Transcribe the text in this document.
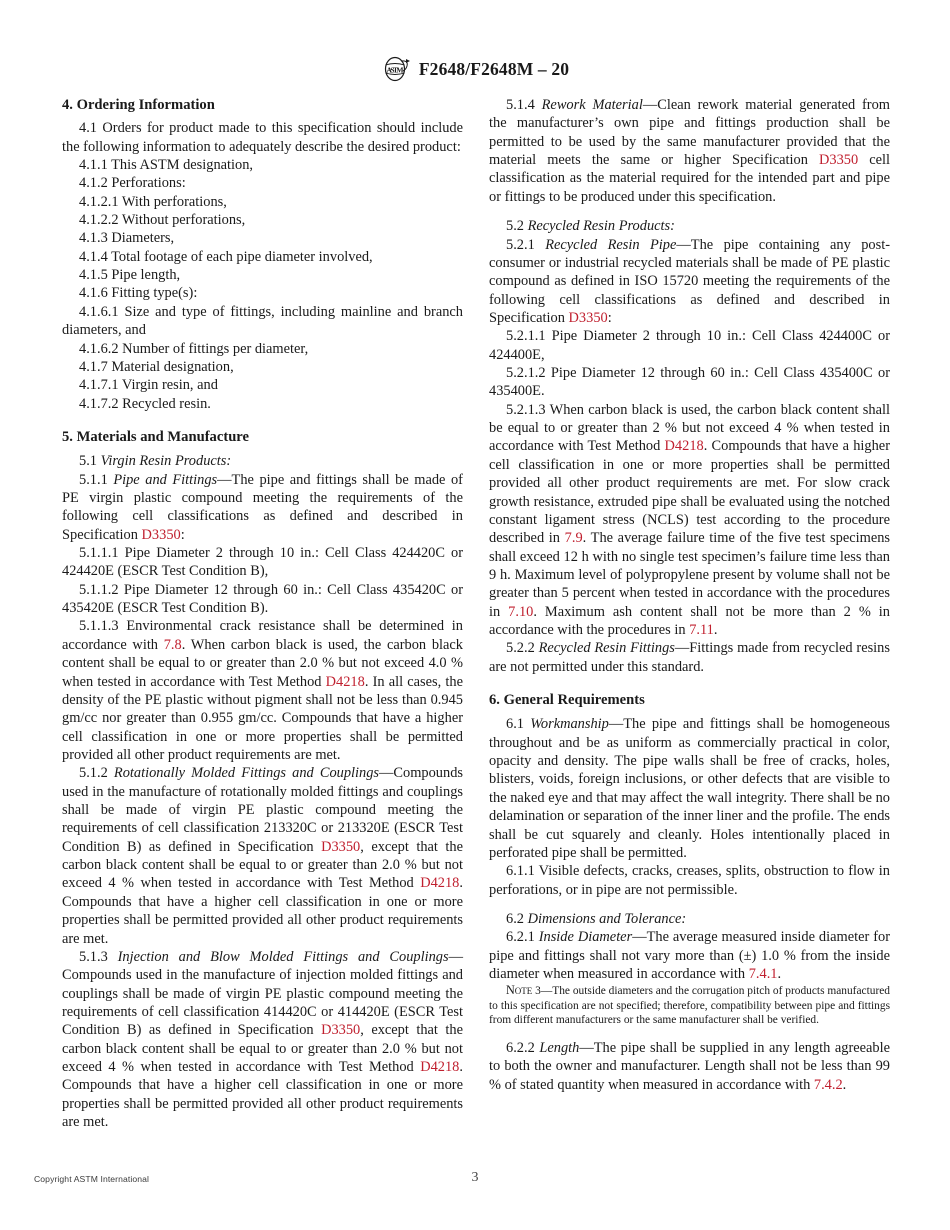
ASTM F2648/F2648M – 20
4. Ordering Information

4.1 Orders for product made to this specification should include the following information to adequately describe the desired product:

4.1.1 This ASTM designation,

4.1.2 Perforations:

4.1.2.1 With perforations,

4.1.2.2 Without perforations,

4.1.3 Diameters,

4.1.4 Total footage of each pipe diameter involved,

4.1.5 Pipe length,

4.1.6 Fitting type(s):

4.1.6.1 Size and type of fittings, including mainline and branch diameters, and

4.1.6.2 Number of fittings per diameter,

4.1.7 Material designation,

4.1.7.1 Virgin resin, and

4.1.7.2 Recycled resin.

5. Materials and Manufacture

5.1 Virgin Resin Products:

5.1.1 Pipe and Fittings—The pipe and fittings shall be made of PE virgin plastic compound meeting the requirements of the following cell classifications as defined and described in Specification D3350:

5.1.1.1 Pipe Diameter 2 through 10 in.: Cell Class 424420C or 424420E (ESCR Test Condition B),

5.1.1.2 Pipe Diameter 12 through 60 in.: Cell Class 435420C or 435420E (ESCR Test Condition B).

5.1.1.3 Environmental crack resistance shall be determined in accordance with 7.8. When carbon black is used, the carbon black content shall be equal to or greater than 2.0 % but not exceed 4.0 % when tested in accordance with Test Method D4218. In all cases, the density of the PE plastic without pigment shall not be less than 0.945 gm/cc nor greater than 0.955 gm/cc. Compounds that have a higher cell classification in one or more properties shall be permitted provided all other product requirements are met.

5.1.2 Rotationally Molded Fittings and Couplings—Compounds used in the manufacture of rotationally molded fittings and couplings shall be made of virgin PE plastic compound meeting the requirements of cell classification 213320C or 213320E (ESCR Test Condition B) as defined in Specification D3350, except that the carbon black content shall be equal to or greater than 2.0 % but not exceed 4 % when tested in accordance with Test Method D4218. Compounds that have a higher cell classification in one or more properties shall be permitted provided all other product requirements are met.

5.1.3 Injection and Blow Molded Fittings and Couplings—Compounds used in the manufacture of injection molded fittings and couplings shall be made of virgin PE plastic compound meeting the requirements of cell classification 414420C or 414420E (ESCR Test Condition B) as defined in Specification D3350, except that the carbon black content shall be equal to or greater than 2.0 % but not exceed 4 % when tested in accordance with Test Method D4218. Compounds that have a higher cell classification in one or more properties shall be permitted provided all other product requirements are met.

5.1.4 Rework Material—Clean rework material generated from the manufacturer’s own pipe and fittings production shall be permitted to be used by the same manufacturer provided that the material meets the same or higher Specification D3350 cell classification as the material required for the intended part and pipe or fittings to be produced under this specification.

5.2 Recycled Resin Products:

5.2.1 Recycled Resin Pipe—The pipe containing any post-consumer or industrial recycled materials shall be made of PE plastic compound as defined in ISO 15720 meeting the requirements of the following cell classifications as defined and described in Specification D3350:

5.2.1.1 Pipe Diameter 2 through 10 in.: Cell Class 424400C or 424400E,

5.2.1.2 Pipe Diameter 12 through 60 in.: Cell Class 435400C or 435400E.

5.2.1.3 When carbon black is used, the carbon black content shall be equal to or greater than 2 % but not exceed 4 % when tested in accordance with Test Method D4218. Compounds that have a higher cell classification in one or more properties shall be permitted provided all other product requirements are met. For slow crack growth resistance, extruded pipe shall be evaluated using the notched constant ligament stress (NCLS) test according to the procedure described in 7.9. The average failure time of the five test specimens shall exceed 12 h with no single test specimen’s failure time less than 9 h. Maximum level of polypropylene present by volume shall not be greater than 5 percent when tested in accordance with the procedures in 7.10. Maximum ash content shall not be more than 2 % in accordance with the procedures in 7.11.

5.2.2 Recycled Resin Fittings—Fittings made from recycled resins are not permitted under this standard.

6. General Requirements

6.1 Workmanship—The pipe and fittings shall be homogeneous throughout and be as uniform as commercially practical in color, opacity and density. The pipe walls shall be free of cracks, holes, blisters, voids, foreign inclusions, or other defects that are visible to the naked eye and that may affect the wall integrity. There shall be no delamination or separation of the inner liner and the profile. The ends shall be cut squarely and cleanly. Holes intentionally placed in perforated pipe shall be permitted.

6.1.1 Visible defects, cracks, creases, splits, obstruction to flow in perforations, or in pipe are not permissible.

6.2 Dimensions and Tolerance:

6.2.1 Inside Diameter—The average measured inside diameter for pipe and fittings shall not vary more than (±) 1.0 % from the inside diameter when measured in accordance with 7.4.1.

Note 3—The outside diameters and the corrugation pitch of products manufactured to this specification are not specified; therefore, compatibility between pipe and fittings from different manufacturers or the same manufacturer shall be verified.

6.2.2 Length—The pipe shall be supplied in any length agreeable to both the owner and manufacturer. Length shall not be less than 99 % of stated quantity when measured in accordance with 7.4.2.

Copyright ASTM International	3
